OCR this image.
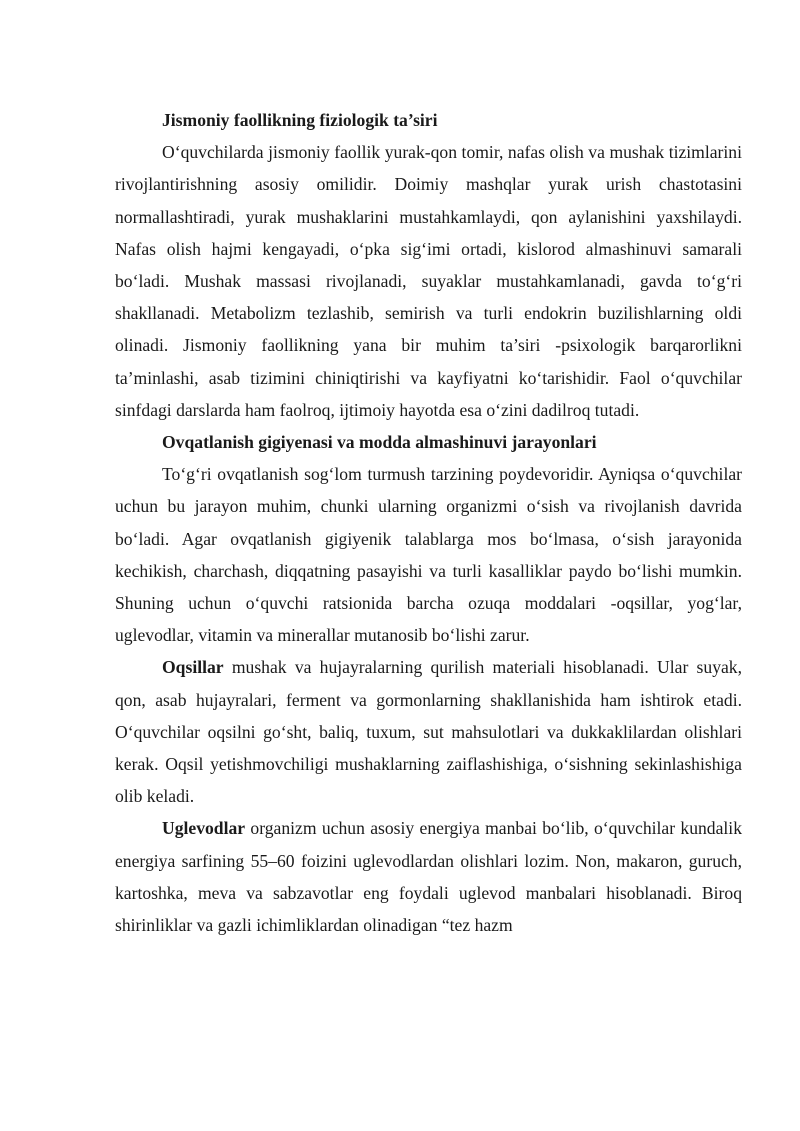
Jismoniy faollikning fiziologik ta’siri

O‘quvchilarda jismoniy faollik yurak-qon tomir, nafas olish va mushak tizimlarini rivojlantirishning asosiy omilidir. Doimiy mashqlar yurak urish chastotasini normallashtiradi, yurak mushaklarini mustahkamlaydi, qon aylanishini yaxshilaydi. Nafas olish hajmi kengayadi, o‘pka sig‘imi ortadi, kislorod almashinuvi samarali bo‘ladi. Mushak massasi rivojlanadi, suyaklar mustahkamlanadi, gavda to‘g‘ri shakllanadi. Metabolizm tezlashib, semirish va turli endokrin buzilishlarning oldi olinadi. Jismoniy faollikning yana bir muhim ta’siri -psixologik barqarorlikni ta’minlashi, asab tizimini chiniqtirishi va kayfiyatni ko‘tarishidir. Faol o‘quvchilar sinfdagi darslarda ham faolroq, ijtimoiy hayotda esa o‘zini dadilroq tutadi.

Ovqatlanish gigiyenasi va modda almashinuvi jarayonlari

To‘g‘ri ovqatlanish sog‘lom turmush tarzining poydevoridir. Ayniqsa o‘quvchilar uchun bu jarayon muhim, chunki ularning organizmi o‘sish va rivojlanish davrida bo‘ladi. Agar ovqatlanish gigiyenik talablarga mos bo‘lmasa, o‘sish jarayonida kechikish, charchash, diqqatning pasayishi va turli kasalliklar paydo bo‘lishi mumkin. Shuning uchun o‘quvchi ratsionida barcha ozuqa moddalari -oqsillar, yog‘lar, uglevodlar, vitamin va minerallar mutanosib bo‘lishi zarur.

Oqsillar mushak va hujayralarning qurilish materiali hisoblanadi. Ular suyak, qon, asab hujayralari, ferment va gormonlarning shakllanishida ham ishtirok etadi. O‘quvchilar oqsilni go‘sht, baliq, tuxum, sut mahsulotlari va dukkaklilardan olishlari kerak. Oqsil yetishmovchiligi mushaklarning zaiflashishiga, o‘sishning sekinlashishiga olib keladi.

Uglevodlar organizm uchun asosiy energiya manbai bo‘lib, o‘quvchilar kundalik energiya sarfining 55–60 foizini uglevodlardan olishlari lozim. Non, makaron, guruch, kartoshka, meva va sabzavotlar eng foydali uglevod manbalari hisoblanadi. Biroq shirinliklar va gazli ichimliklardan olinadigan “tez hazm
